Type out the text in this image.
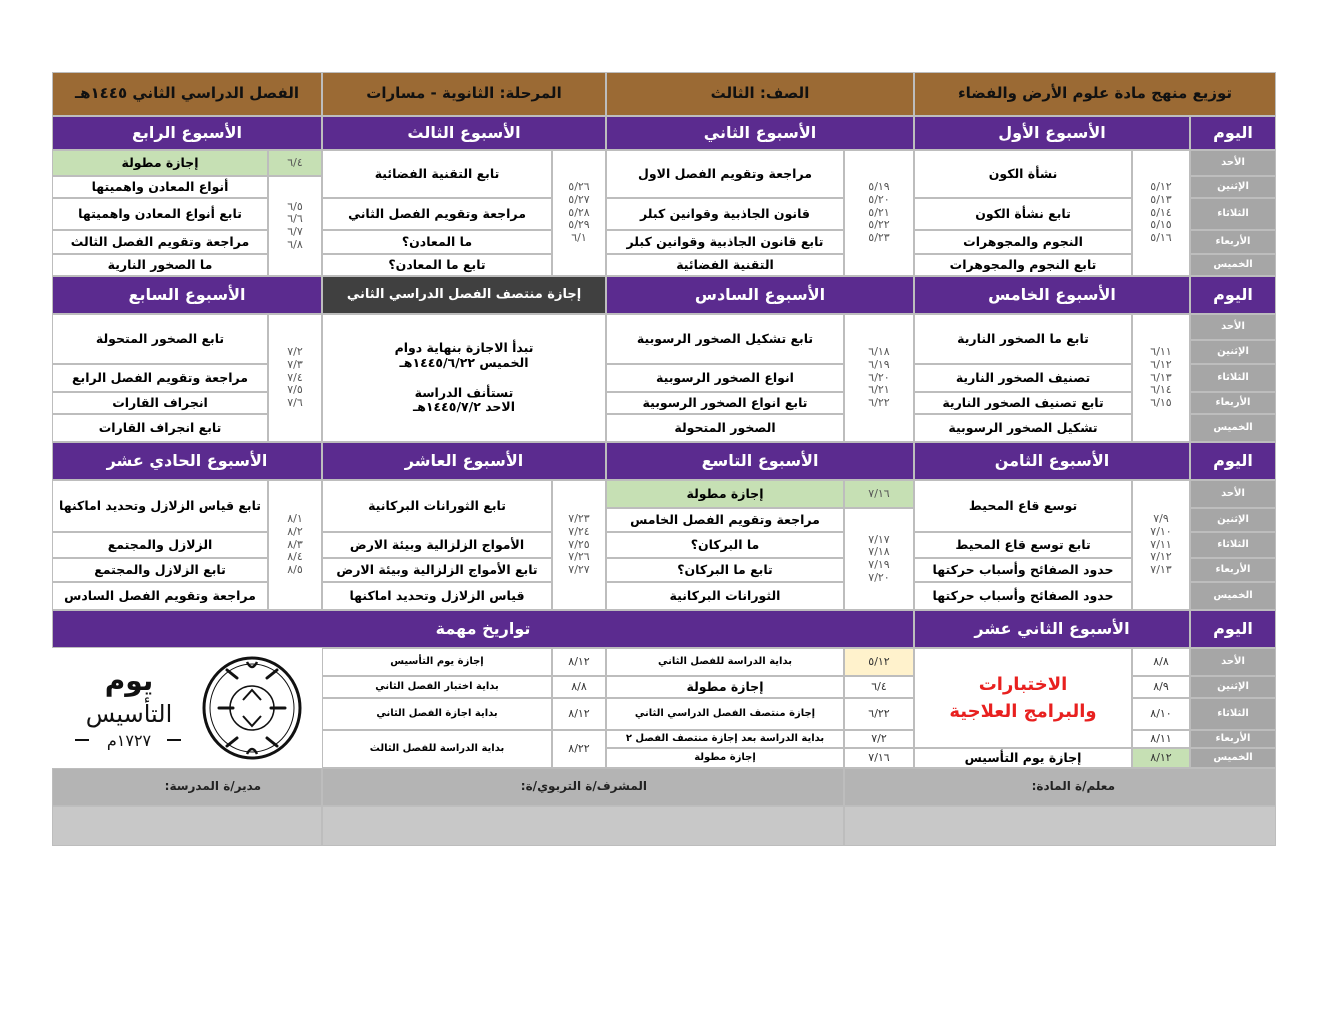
توزيع منهج مادة علوم الأرض والفضاء
الصف: الثالث
المرحلة: الثانوية - مسارات
الفصل الدراسي الثاني ١٤٤٥هـ
اليوم
الأسبوع الأول
الأسبوع الثاني
الأسبوع الثالث
الأسبوع الرابع
الأحد
الإثنين
الثلاثاء
الأربعاء
الخميس
٥/١٢
٥/١٣
٥/١٤
٥/١٥
٥/١٦
نشأة الكون
تابع نشأة الكون
النجوم والمجوهرات
تابع النجوم والمجوهرات
٥/١٩
٥/٢٠
٥/٢١
٥/٢٢
٥/٢٣
مراجعة وتقويم الفصل الاول
قانون الجاذبية وقوانين كبلر
تابع قانون الجاذبية وقوانين كبلر
التقنية الفضائية
٥/٢٦
٥/٢٧
٥/٢٨
٥/٢٩
٦/١
تابع التقنية الفضائية
مراجعة وتقويم الفصل الثاني
ما المعادن؟
تابع ما المعادن؟
٦/٤
إجازة مطولة
٦/٥
٦/٦
٦/٧
٦/٨
أنواع المعادن واهميتها
تابع أنواع المعادن واهميتها
مراجعة وتقويم الفصل الثالث
ما الصخور النارية
اليوم
الأسبوع الخامس
الأسبوع السادس
إجازة منتصف الفصل الدراسي الثاني
الأسبوع السابع
الأحد
الإثنين
الثلاثاء
الأربعاء
الخميس
٦/١١
٦/١٢
٦/١٣
٦/١٤
٦/١٥
تابع ما الصخور النارية
تصنيف الصخور النارية
تابع تصنيف الصخور النارية
تشكيل الصخور الرسوبية
٦/١٨
٦/١٩
٦/٢٠
٦/٢١
٦/٢٢
تابع تشكيل الصخور الرسوبية
انواع الصخور الرسوبية
تابع انواع الصخور الرسوبية
الصخور المتحولة
تبدأ الاجازة بنهاية دوام
الخميس ١٤٤٥/٦/٢٢هـ
تستأنف الدراسة
الاحد ١٤٤٥/٧/٢هـ
٧/٢
٧/٣
٧/٤
٧/٥
٧/٦
تابع الصخور المتحولة
مراجعة وتقويم الفصل الرابع
انجراف القارات
تابع انجراف القارات
اليوم
الأسبوع الثامن
الأسبوع التاسع
الأسبوع العاشر
الأسبوع الحادي عشر
الأحد
الإثنين
الثلاثاء
الأربعاء
الخميس
٧/٩
٧/١٠
٧/١١
٧/١٢
٧/١٣
توسع قاع المحيط
تابع توسع قاع المحيط
حدود الصفائح وأسباب حركتها
حدود الصفائح وأسباب حركتها
٧/١٦
إجازة مطولة
٧/١٧
٧/١٨
٧/١٩
٧/٢٠
مراجعة وتقويم الفصل الخامس
ما البركان؟
تابع ما البركان؟
الثورانات البركانية
٧/٢٣
٧/٢٤
٧/٢٥
٧/٢٦
٧/٢٧
تابع الثورانات البركانية
الأمواج الزلزالية وبيئة الارض
تابع الأمواج الزلزالية وبيئة الارض
قياس الزلازل وتحديد اماكنها
٨/١
٨/٢
٨/٣
٨/٤
٨/٥
تابع قياس الزلازل وتحديد اماكنها
الزلازل والمجتمع
تابع الزلازل والمجتمع
مراجعة وتقويم الفصل السادس
اليوم
الأسبوع الثاني عشر
تواريخ مهمة
الأحد
الإثنين
الثلاثاء
الأربعاء
الخميس
٨/٨
٨/٩
٨/١٠
٨/١١
٨/١٢
الاختبارات
والبرامج العلاجية
إجازة يوم التأسيس
٥/١٢
بداية الدراسة للفصل الثاني
٦/٤
إجازة مطولة
٦/٢٢
إجازة منتصف الفصل الدراسي الثاني
٧/٢
بداية الدراسة بعد إجازة منتصف الفصل ٢
٧/١٦
إجازة مطولة
٨/١٢
إجازة يوم التأسيس
٨/٨
بداية اختبار الفصل الثاني
٨/١٢
بداية اجازة الفصل الثاني
٨/٢٢
بداية الدراسة للفصل الثالث
يوم
التأسيس
١٧٢٧م
معلم/ة المادة:
المشرف/ة التربوي/ة:
مدير/ة المدرسة:
